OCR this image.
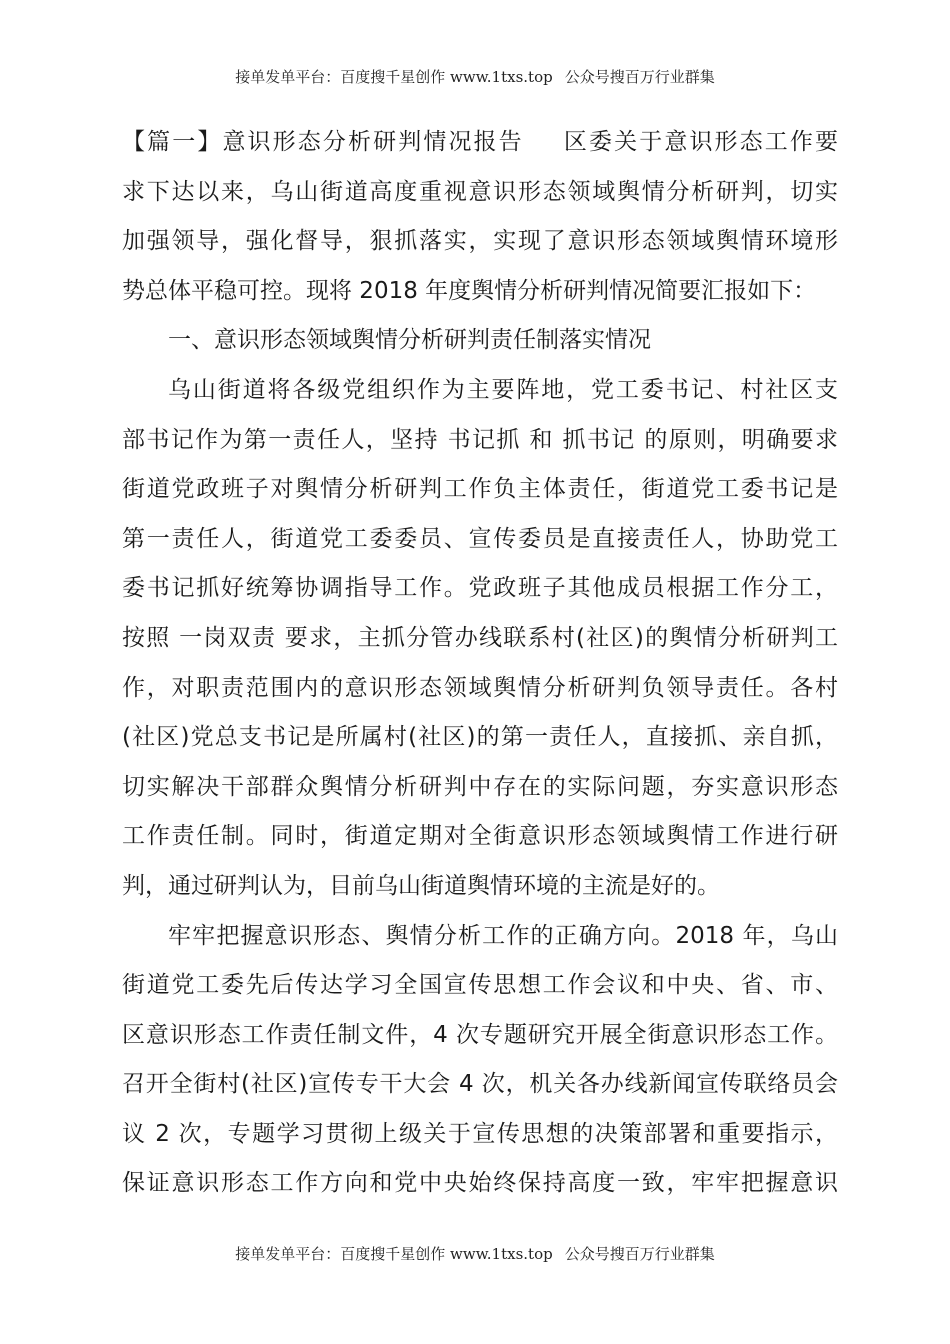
接单发单平台：百度搜千星创作 www.1txs.top 公众号搜百万行业群集

【篇一】意识形态分析研判情况报告 区委关于意识形态工作要
求下达以来，乌山街道高度重视意识形态领域舆情分析研判，切实
加强领导，强化督导，狠抓落实，实现了意识形态领域舆情环境形
势总体平稳可控。现将 2018 年度舆情分析研判情况简要汇报如下：

一、意识形态领域舆情分析研判责任制落实情况

乌山街道将各级党组织作为主要阵地，党工委书记、村社区支
部书记作为第一责任人，坚持 书记抓 和 抓书记 的原则，明确要求
街道党政班子对舆情分析研判工作负主体责任，街道党工委书记是
第一责任人，街道党工委委员、宣传委员是直接责任人，协助党工
委书记抓好统筹协调指导工作。党政班子其他成员根据工作分工，
按照 一岗双责 要求，主抓分管办线联系村(社区)的舆情分析研判工
作，对职责范围内的意识形态领域舆情分析研判负领导责任。各村
(社区)党总支书记是所属村(社区)的第一责任人，直接抓、亲自抓，
切实解决干部群众舆情分析研判中存在的实际问题，夯实意识形态
工作责任制。同时，街道定期对全街意识形态领域舆情工作进行研
判，通过研判认为，目前乌山街道舆情环境的主流是好的。

牢牢把握意识形态、舆情分析工作的正确方向。2018 年，乌山
街道党工委先后传达学习全国宣传思想工作会议和中央、省、市、
区意识形态工作责任制文件，4 次专题研究开展全街意识形态工作。
召开全街村(社区)宣传专干大会 4 次，机关各办线新闻宣传联络员会
议 2 次，专题学习贯彻上级关于宣传思想的决策部署和重要指示，
保证意识形态工作方向和党中央始终保持高度一致，牢牢把握意识

接单发单平台：百度搜千星创作 www.1txs.top 公众号搜百万行业群集
